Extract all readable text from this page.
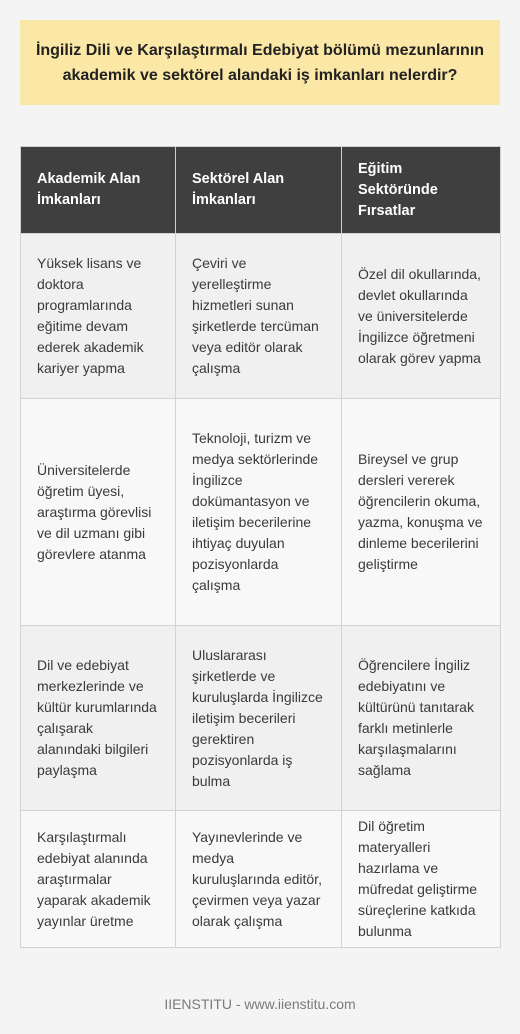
İngiliz Dili ve Karşılaştırmalı Edebiyat bölümü mezunlarının akademik ve sektörel alandaki iş imkanları nelerdir?

Akademik Alan İmkanları	Sektörel Alan İmkanları	Eğitim Sektöründe Fırsatlar
Yüksek lisans ve doktora programlarında eğitime devam ederek akademik kariyer yapma	Çeviri ve yerelleştirme hizmetleri sunan şirketlerde tercüman veya editör olarak çalışma	Özel dil okullarında, devlet okullarında ve üniversitelerde İngilizce öğretmeni olarak görev yapma
Üniversitelerde öğretim üyesi, araştırma görevlisi ve dil uzmanı gibi görevlere atanma	Teknoloji, turizm ve medya sektörlerinde İngilizce dokümantasyon ve iletişim becerilerine ihtiyaç duyulan pozisyonlarda çalışma	Bireysel ve grup dersleri vererek öğrencilerin okuma, yazma, konuşma ve dinleme becerilerini geliştirme
Dil ve edebiyat merkezlerinde ve kültür kurumlarında çalışarak alanındaki bilgileri paylaşma	Uluslararası şirketlerde ve kuruluşlarda İngilizce iletişim becerileri gerektiren pozisyonlarda iş bulma	Öğrencilere İngiliz edebiyatını ve kültürünü tanıtarak farklı metinlerle karşılaşmalarını sağlama
Karşılaştırmalı edebiyat alanında araştırmalar yaparak akademik yayınlar üretme	Yayınevlerinde ve medya kuruluşlarında editör, çevirmen veya yazar olarak çalışma	Dil öğretim materyalleri hazırlama ve müfredat geliştirme süreçlerine katkıda bulunma
IIENSTITU - www.iienstitu.com
